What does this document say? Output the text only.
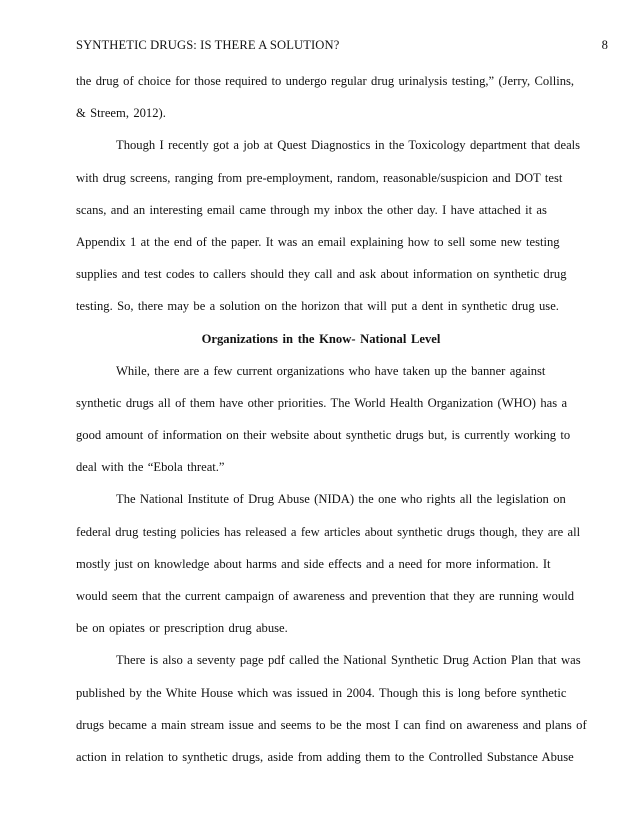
SYNTHETIC DRUGS: IS THERE A SOLUTION?	8
the drug of choice for those required to undergo regular drug urinalysis testing,” (Jerry, Collins,
& Streem, 2012).
Though I recently got a job at Quest Diagnostics in the Toxicology department that deals
with drug screens, ranging from pre-employment, random, reasonable/suspicion and DOT test
scans, and an interesting email came through my inbox the other day. I have attached it as
Appendix 1 at the end of the paper. It was an email explaining how to sell some new testing
supplies and test codes to callers should they call and ask about information on synthetic drug
testing. So, there may be a solution on the horizon that will put a dent in synthetic drug use.
Organizations in the Know- National Level
While, there are a few current organizations who have taken up the banner against
synthetic drugs all of them have other priorities. The World Health Organization (WHO) has a
good amount of information on their website about synthetic drugs but, is currently working to
deal with the “Ebola threat.”
The National Institute of Drug Abuse (NIDA) the one who rights all the legislation on
federal drug testing policies has released a few articles about synthetic drugs though, they are all
mostly just on knowledge about harms and side effects and a need for more information. It
would seem that the current campaign of awareness and prevention that they are running would
be on opiates or prescription drug abuse.
There is also a seventy page pdf called the National Synthetic Drug Action Plan that was
published by the White House which was issued in 2004. Though this is long before synthetic
drugs became a main stream issue and seems to be the most I can find on awareness and plans of
action in relation to synthetic drugs, aside from adding them to the Controlled Substance Abuse
